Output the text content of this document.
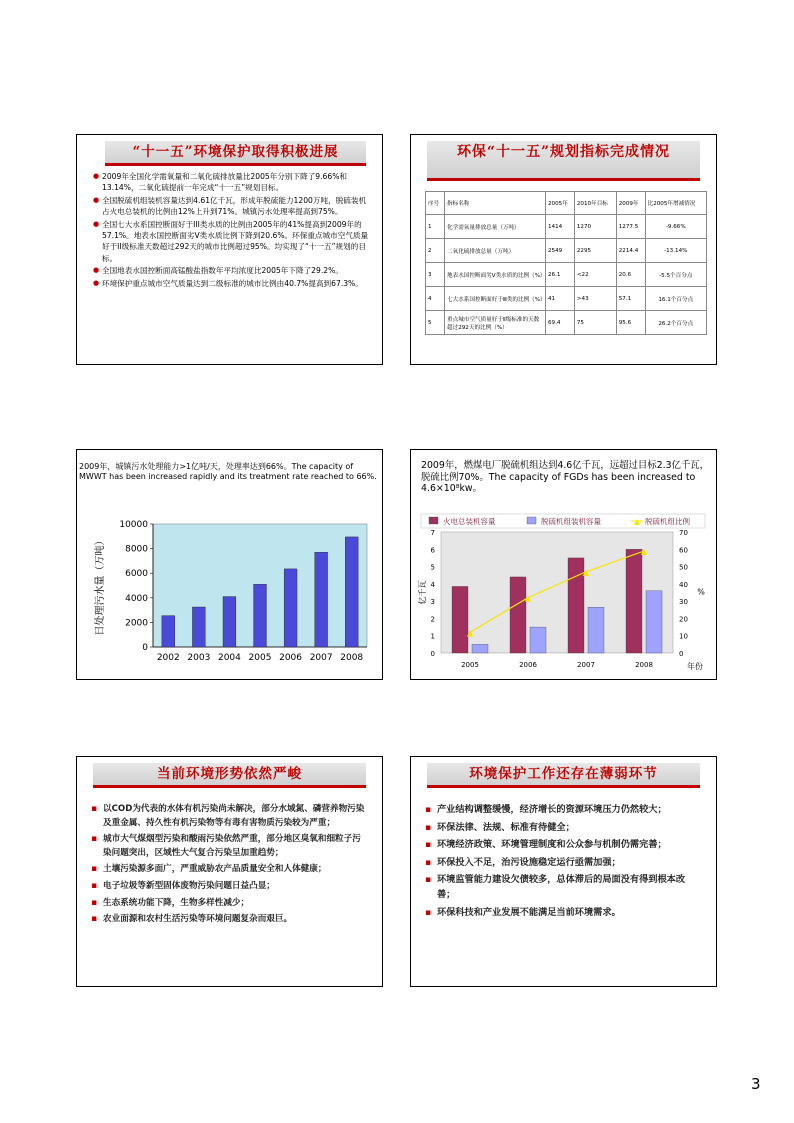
“十一五”环境保护取得积极进展
● 2009年全国化学需氧量和二氧化硫排放量比2005年分别下降了9.66%和13.14%，二氧化硫提前一年完成“十一五”规划目标。
● 全国脱硫机组装机容量达到4.61亿千瓦，形成年脱硫能力1200万吨，脱硫装机占火电总装机的比例由12%上升到71%。城镇污水处理率提高到75%。
● 全国七大水系国控断面好于III类水质的比例由2005年的41%提高到2009年的57.1%。地表水国控断面劣V类水质比例下降到20.6%。环保重点城市空气质量好于II级标准天数超过292天的城市比例超过95%。均实现了“十一五”规划的目标。
● 全国地表水国控断面高锰酸盐指数年平均浓度比2005年下降了29.2%。
● 环境保护重点城市空气质量达到二级标准的城市比例由40.7%提高到67.3%。
环保“十一五”规划指标完成情况
序号	指标名称	2005年	2010年目标	2009年	比2005年增减情况
1	化学需氧量排放总量（万吨）	1414	1270	1277.5	-9.66%
2	二氧化硫排放总量（万吨）	2549	2295	2214.4	-13.14%
3	地表水国控断面劣Ⅴ类水质的比例（%）	26.1	<22	20.6	-5.5个百分点
4	七大水系国控断面好于Ⅲ类的比例（%）	41	>43	57.1	16.1个百分点
5	重点城市空气质量好于Ⅱ级标准的天数超过292天的比例（%）	69.4	75	95.6	26.2个百分点
2009年，城镇污水处理能力>1亿吨/天，处理率达到66%。The capacity of MWWT has been increased rapidly and its treatment rate reached to 66%.
0
2000
4000
6000
8000
10000
2002 2003 2004 2005 2006 2007 2008
日处理污水量（万吨）
2009年，燃煤电厂脱硫机组达到4.6亿千瓦，远超过目标2.3亿千瓦，脱硫比例70%。The capacity of FGDs has been increased to 4.6×10⁸kw。
火电总装机容量	脱硫机组装机容量	▲ 脱硫机组比例
0
1
2
3
4
5
6
7
0
10
20
30
40
50
60
70
亿千瓦	%
年份
2005	2006	2007	2008
▲
▲
▲
▲
当前环境形势依然严峻
▪ 以COD为代表的水体有机污染尚未解决，部分水域氮、磷营养物污染及重金属、持久性有机污染物等有毒有害物质污染较为严重；
▪ 城市大气煤烟型污染和酸雨污染依然严重，部分地区臭氧和细粒子污染问题突出，区域性大气复合污染呈加重趋势；
▪ 土壤污染源多面广，严重威胁农产品质量安全和人体健康；
▪ 电子垃圾等新型固体废物污染问题日益凸显；
▪ 生态系统功能下降，生物多样性减少；
▪ 农业面源和农村生活污染等环境问题复杂而艰巨。
环境保护工作还存在薄弱环节
▪ 产业结构调整缓慢，经济增长的资源环境压力仍然较大；
▪ 环保法律、法规、标准有待健全；
▪ 环境经济政策、环境管理制度和公众参与机制仍需完善；
▪ 环保投入不足，治污设施稳定运行亟需加强；
▪ 环境监管能力建设欠债较多，总体滞后的局面没有得到根本改善；
▪ 环保科技和产业发展不能满足当前环境需求。
3
